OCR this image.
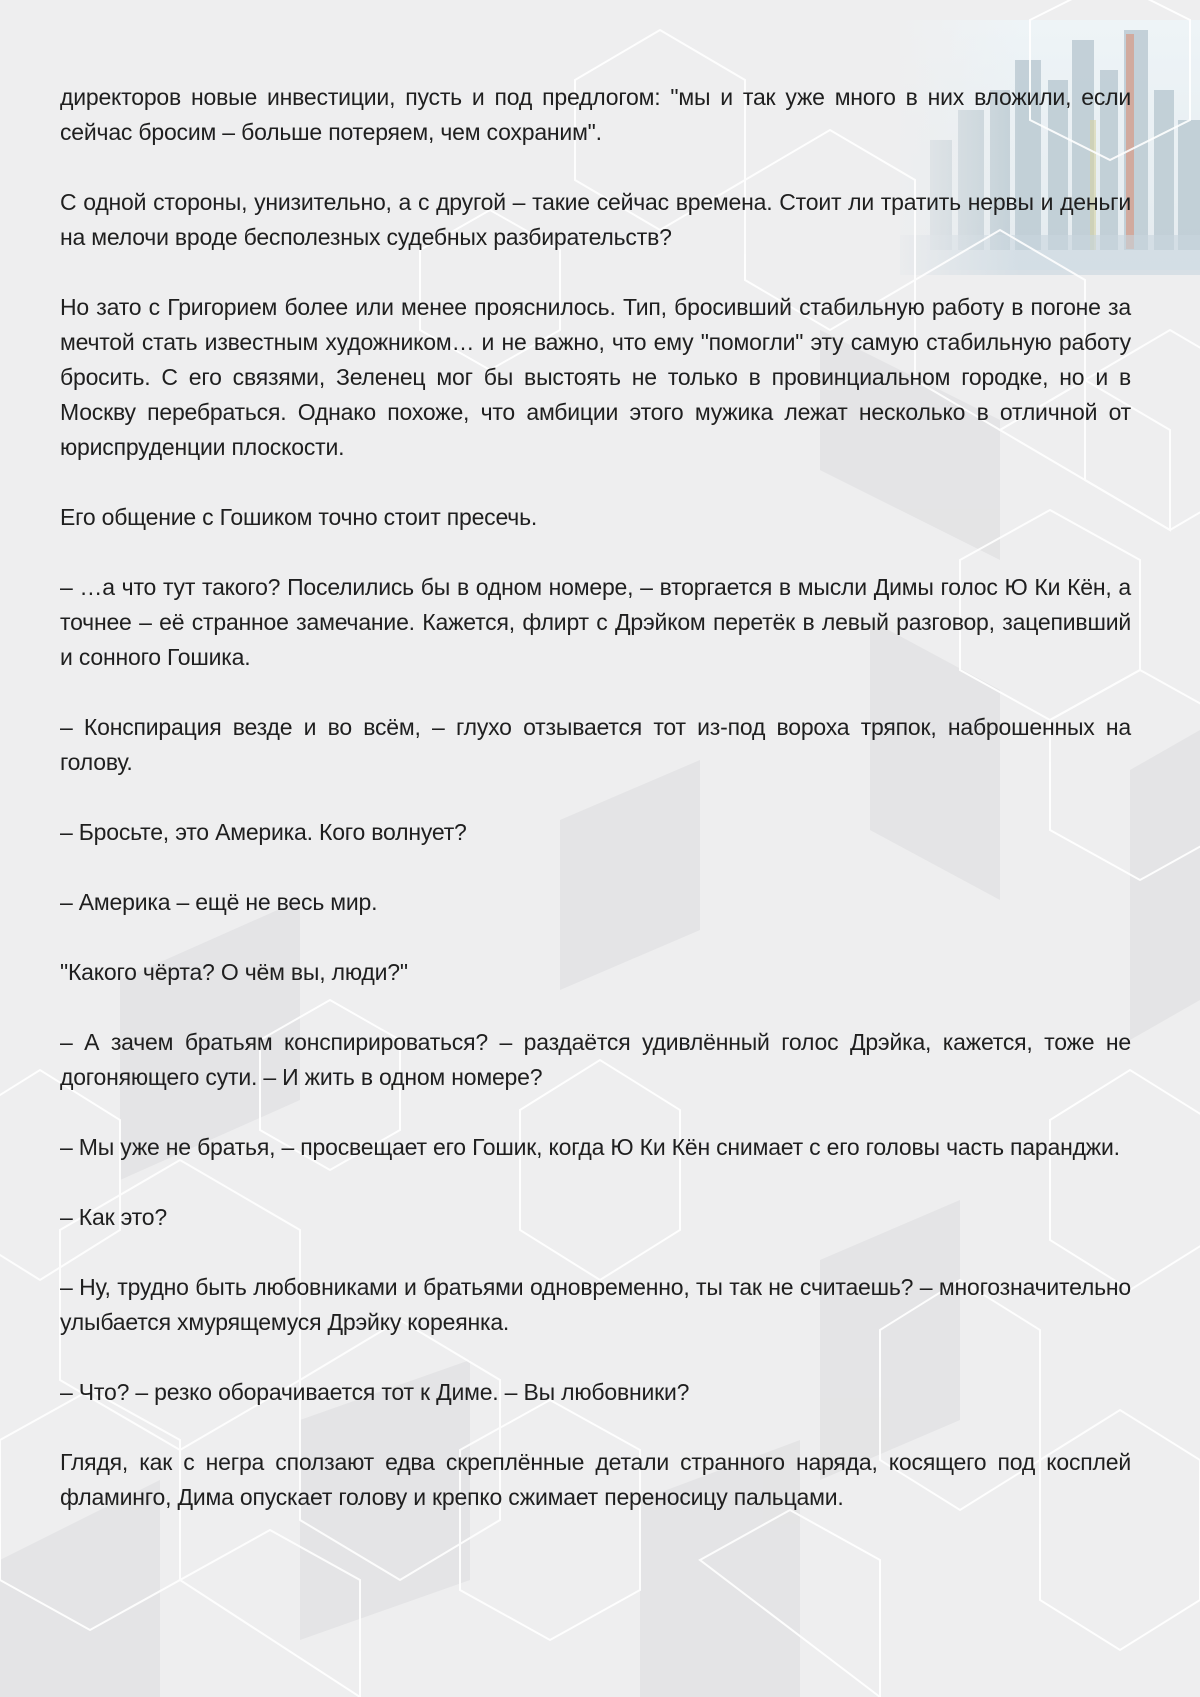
директоров новые инвестиции, пусть и под предлогом: "мы и так уже много в них вложили, если сейчас бросим – больше потеряем, чем сохраним".

С одной стороны, унизительно, а с другой – такие сейчас времена. Стоит ли тратить нервы и деньги на мелочи вроде бесполезных судебных разбирательств?

Но зато с Григорием более или менее прояснилось. Тип, бросивший стабильную работу в погоне за мечтой стать известным художником… и не важно, что ему "помогли" эту самую стабильную работу бросить. С его связями, Зеленец мог бы выстоять не только в провинциальном городке, но и в Москву перебраться. Однако похоже, что амбиции этого мужика лежат несколько в отличной от юриспруденции плоскости.

Его общение с Гошиком точно стоит пресечь.

– …а что тут такого? Поселились бы в одном номере, – вторгается в мысли Димы голос Ю Ки Кён, а точнее – её странное замечание. Кажется, флирт с Дрэйком перетёк в левый разговор, зацепивший и сонного Гошика.

– Конспирация везде и во всём, – глухо отзывается тот из-под вороха тряпок, наброшенных на голову.

– Бросьте, это Америка. Кого волнует?

– Америка – ещё не весь мир.

"Какого чёрта? О чём вы, люди?"

– А зачем братьям конспирироваться? – раздаётся удивлённый голос Дрэйка, кажется, тоже не догоняющего сути. – И жить в одном номере?

– Мы уже не братья, – просвещает его Гошик, когда Ю Ки Кён снимает с его головы часть паранджи.

– Как это?

– Ну, трудно быть любовниками и братьями одновременно, ты так не считаешь? – многозначительно улыбается хмурящемуся Дрэйку кореянка.

– Что? – резко оборачивается тот к Диме. – Вы любовники?

Глядя, как с негра сползают едва скреплённые детали странного наряда, косящего под косплей фламинго, Дима опускает голову и крепко сжимает переносицу пальцами.
